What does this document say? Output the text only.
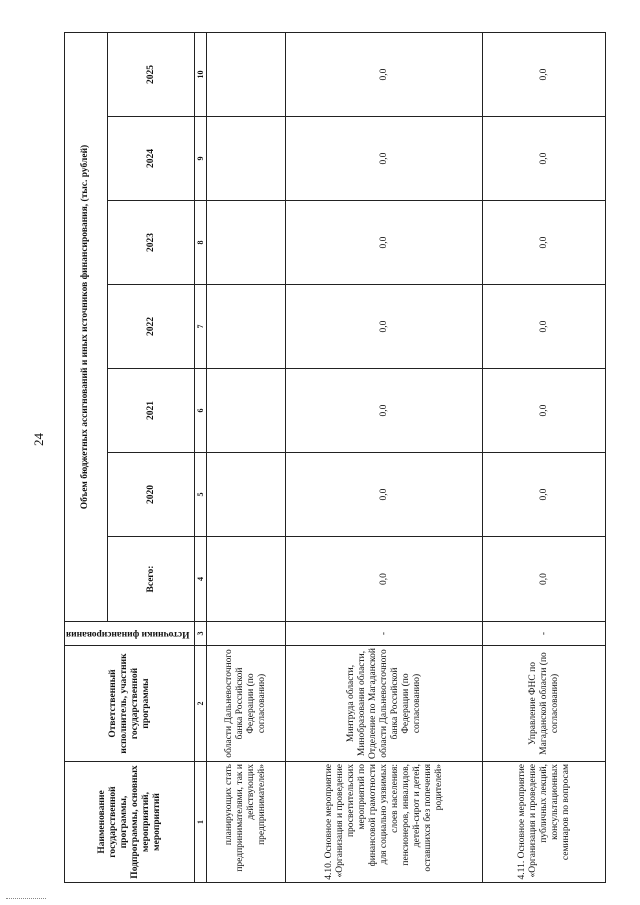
24
Наименование государственной программы, Подпрограммы, основных мероприятий, мероприятий	Ответственный исполнитель, участник государственной программы	Источники финансирования	Объем бюджетных ассигнований и иных источников финансирования, (тыс. рублей)						
			Всего:	2020	2021	2022	2023	2024	2025
1	2	3	4	5	6	7	8	9	10
планирующих стать предпринимателями, так и действующих предпринимателей»	области Дальневосточного банка Российской Федерации (по согласованию)								
4.10. Основное мероприятие «Организация и проведение просветительских мероприятий по финансовой грамотности для социально уязвимых слоев населения: пенсионеров, инвалидов, детей-сирот и детей, оставшихся без попечения родителей»	Минтруда области, Минобразования области, Отделение по Магаданской области Дальневосточного банка Российской Федерации (по согласованию)	-	0,0	0,0	0,0	0,0	0,0	0,0	0,0
4.11. Основное мероприятие «Организация и проведение публичных лекций, консультационных семинаров по вопросам	Управление ФНС по Магаданской области (по согласованию)	-	0,0	0,0	0,0	0,0	0,0	0,0	0,0
